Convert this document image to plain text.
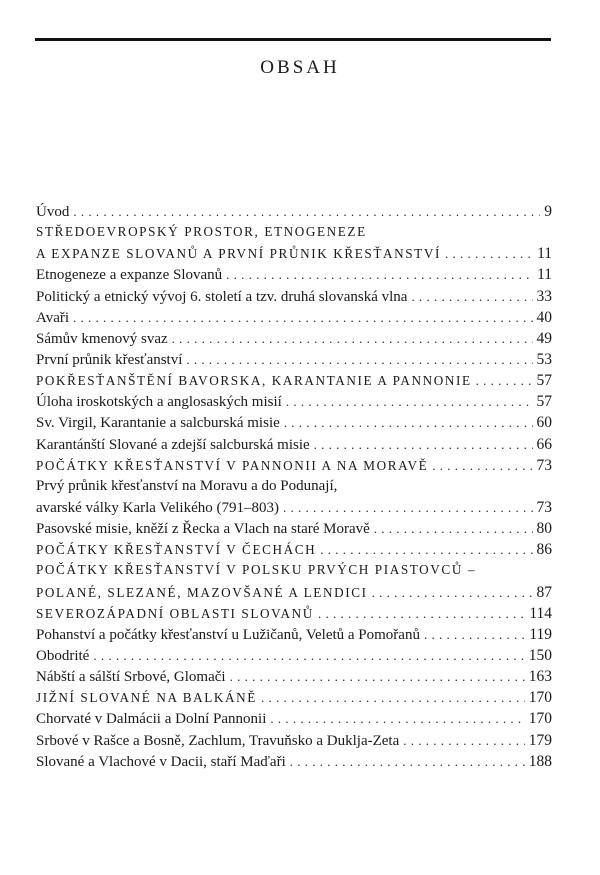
OBSAH
Úvod . . .	9
STŘEDOEVROPSKÝ PROSTOR, ETNOGENEZE
A EXPANZE SLOVANŮ A PRVNÍ PRŮNIK KŘESŤANSTVÍ . . .	11
Etnogeneze a expanze Slovanů . . .	11
Politický a etnický vývoj 6. století a tzv. druhá slovanská vlna . . .	33
Avaři . . .	40
Sámův kmenový svaz . . .	49
První průnik křesťanství . . .	53
POKŘESŤANŠTĚNÍ BAVORSKA, KARANTANIE A PANNONIE . . .	57
Úloha iroskotských a anglosaských misií . . .	57
Sv. Virgil, Karantanie a salcburská misie . . .	60
Karantánští Slované a zdejší salcburská misie . . .	66
POČÁTKY KŘESŤANSTVÍ V PANNONII A NA MORAVĚ . . .	73
Prvý průnik křesťanství na Moravu a do Podunají,
avarské války Karla Velikého (791–803) . . .	73
Pasovské misie, kněží z Řecka a Vlach na staré Moravě . . .	80
POČÁTKY KŘESŤANSTVÍ V ČECHÁCH . . .	86
POČÁTKY KŘESŤANSTVÍ V POLSKU PRVÝCH PIASTOVCŮ –
POLANÉ, SLEZANÉ, MAZOVŠANÉ A LENDICI . . .	87
SEVEROZÁPADNÍ OBLASTI SLOVANŮ . . .	114
Pohanství a počátky křesťanství u Lužičanů, Veletů a Pomořanů . . .	119
Obodrité . . .	150
Nábští a sálští Srbové, Glomači . . .	163
JIŽNÍ SLOVANÉ NA BALKÁNĚ . . .	170
Chorvaté v Dalmácii a Dolní Pannonii . . .	170
Srbové v Rašce a Bosně, Zachlum, Travuňsko a Duklja-Zeta . . .	179
Slované a Vlachové v Dacii, staří Maďaři . . .	188
